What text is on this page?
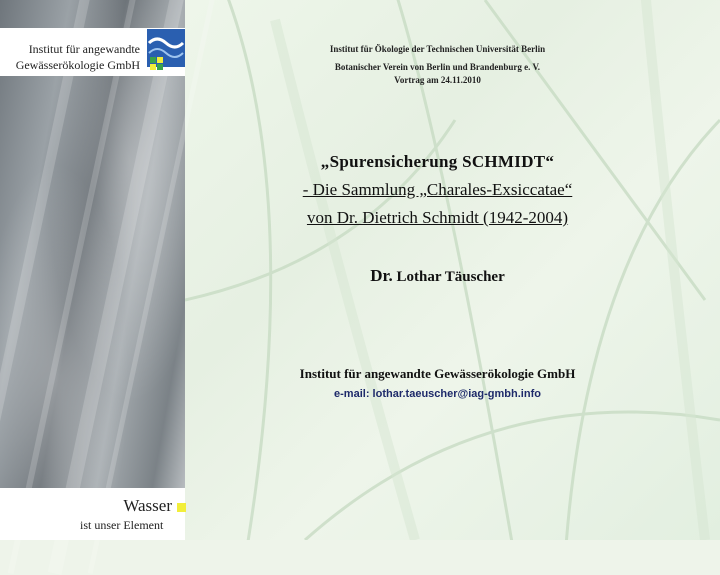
Institut für angewandte
Gewässerökologie GmbH
Wasser
ist unser Element
Institut für Ökologie der Technischen Universität Berlin
Botanischer Verein von Berlin und Brandenburg e. V.
Vortrag am 24.11.2010
„Spurensicherung SCHMIDT“
- Die Sammlung „Charales-Exsiccatae“
von Dr. Dietrich Schmidt (1942-2004)
Dr. Lothar Täuscher
Institut für angewandte Gewässerökologie GmbH
e-mail: lothar.taeuscher@iag-gmbh.info
